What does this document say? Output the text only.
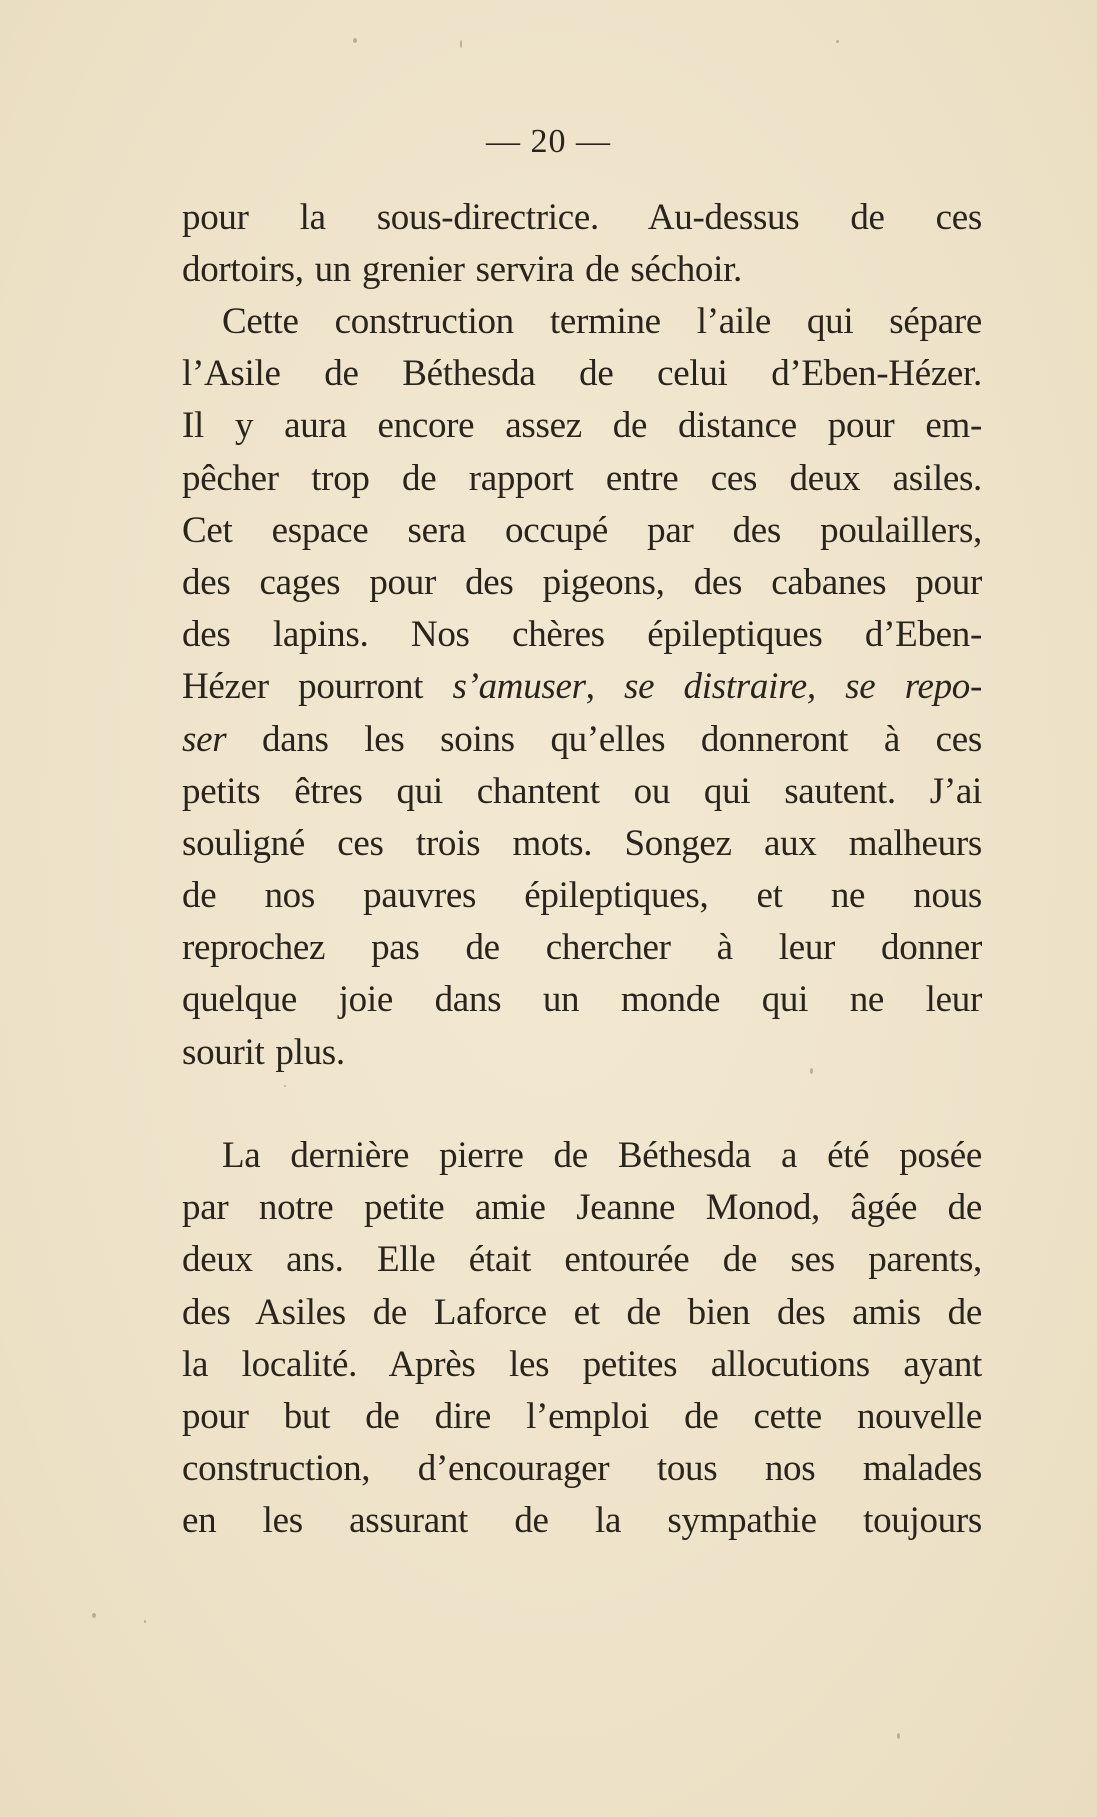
— 20 —
pour la sous-directrice. Au-dessus de ces
dortoirs, un grenier servira de séchoir.
Cette construction termine l’aile qui sépare
l’Asile de Béthesda de celui d’Eben-Hézer.
Il y aura encore assez de distance pour em-
pêcher trop de rapport entre ces deux asiles.
Cet espace sera occupé par des poulaillers,
des cages pour des pigeons, des cabanes pour
des lapins. Nos chères épileptiques d’Eben-
Hézer pourront s’amuser, se distraire, se repo-
ser dans les soins qu’elles donneront à ces
petits êtres qui chantent ou qui sautent. J’ai
souligné ces trois mots. Songez aux malheurs
de nos pauvres épileptiques, et ne nous
reprochez pas de chercher à leur donner
quelque joie dans un monde qui ne leur
sourit plus.
La dernière pierre de Béthesda a été posée
par notre petite amie Jeanne Monod, âgée de
deux ans. Elle était entourée de ses parents,
des Asiles de Laforce et de bien des amis de
la localité. Après les petites allocutions ayant
pour but de dire l’emploi de cette nouvelle
construction, d’encourager tous nos malades
en les assurant de la sympathie toujours
